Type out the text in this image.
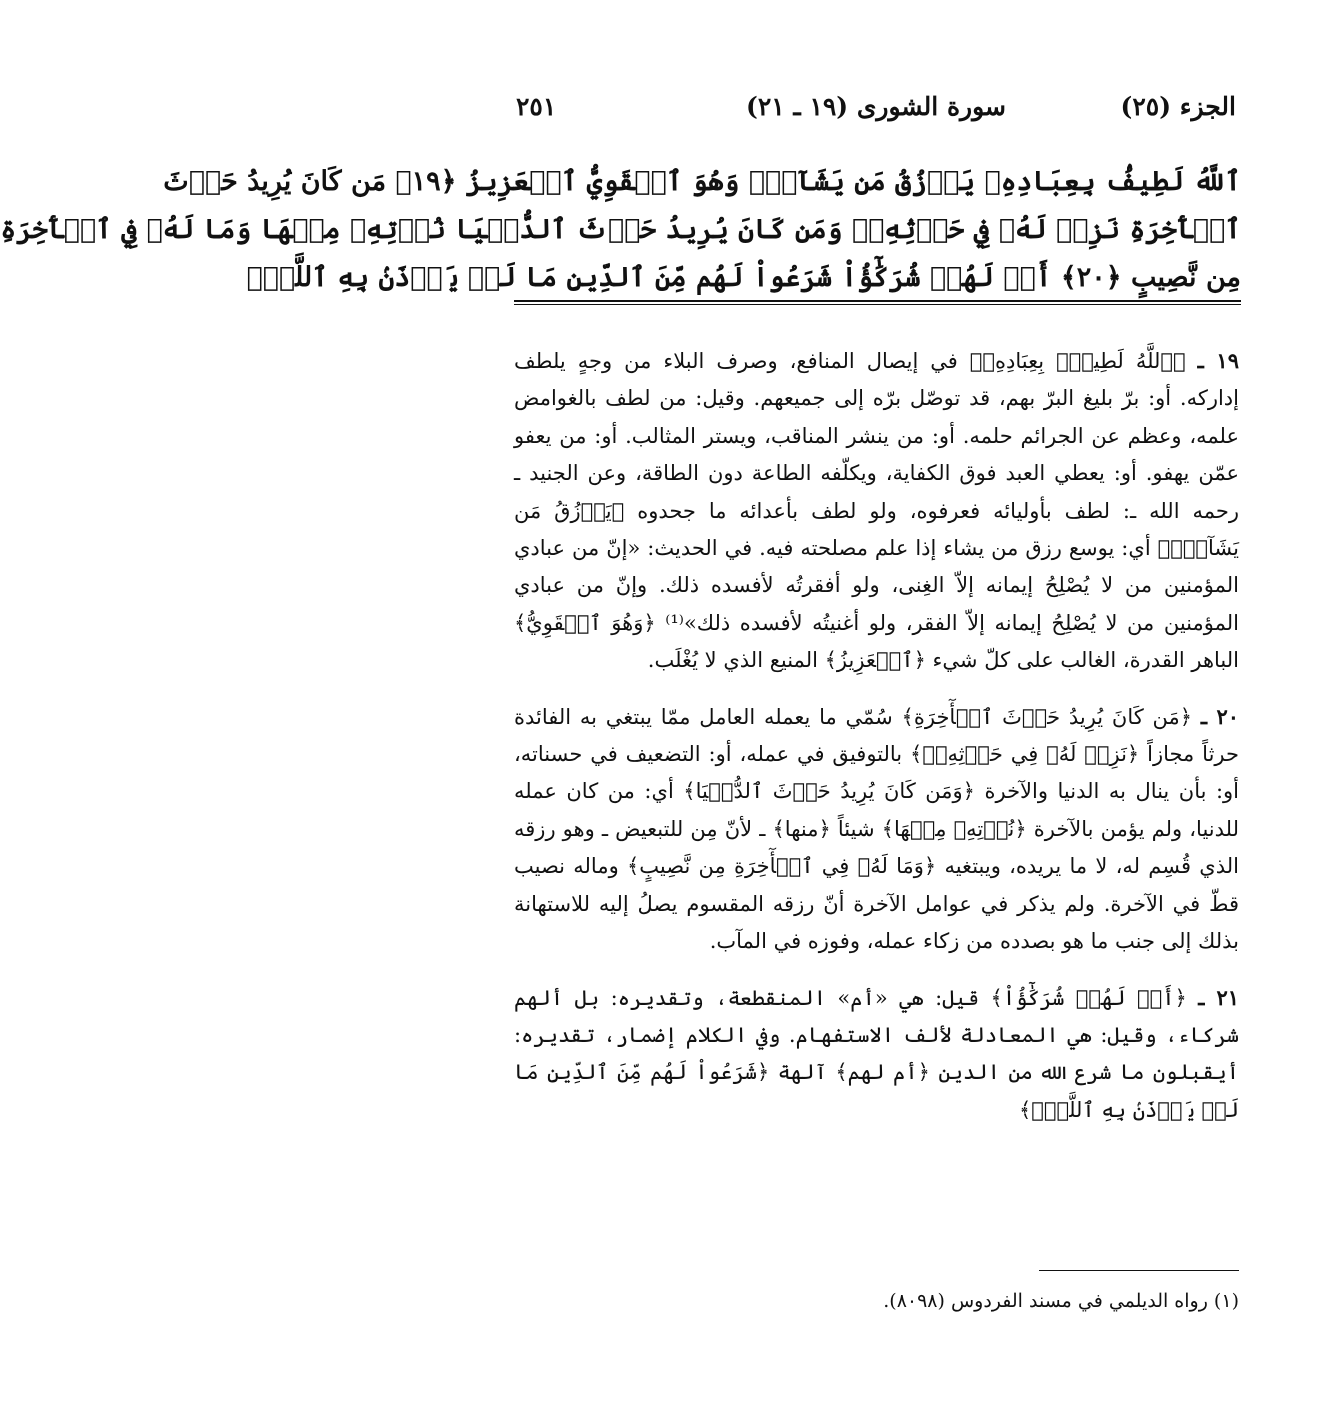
الجزء (٢٥)
سورة الشورى (١٩ ـ ٢١)
٢٥١
ٱللَّهُ لَطِيفُۢ بِعِبَادِهِۦ يَرۡزُقُ مَن يَشَآءُۖ وَهُوَ ٱلۡقَوِيُّ ٱلۡعَزِيزُ ﴿١٩﴾ مَن كَانَ يُرِيدُ حَرۡثَ
ٱلۡأٓخِرَةِ نَزِدۡ لَهُۥ فِي حَرۡثِهِۦۖ وَمَن كَانَ يُرِيدُ حَرۡثَ ٱلدُّنۡيَا نُؤۡتِهِۦ مِنۡهَا وَمَا لَهُۥ فِي ٱلۡأٓخِرَةِ
مِن نَّصِيبٍ ﴿٢٠﴾ أَمۡ لَهُمۡ شُرَكَٰٓؤُاْ شَرَعُواْ لَهُم مِّنَ ٱلدِّينِ مَا لَمۡ يَأۡذَنۢ بِهِ ٱللَّهُۚ

١٩ ـ ﴿ٱللَّهُ لَطِيفُۢ بِعِبَادِهِۦ﴾ في إيصال المنافع، وصرف البلاء من وجهٍ يلطف إداركه. أو: برّ بليغ البرّ بهم، قد توصّل برّه إلى جميعهم. وقيل: من لطف بالغوامض علمه، وعظم عن الجرائم حلمه. أو: من ينشر المناقب، ويستر المثالب. أو: من يعفو عمّن يهفو. أو: يعطي العبد فوق الكفاية، ويكلّفه الطاعة دون الطاقة، وعن الجنيد ـ رحمه الله ـ: لطف بأوليائه فعرفوه، ولو لطف بأعدائه ما جحدوه ﴿يَرۡزُقُ مَن يَشَآءُۖ﴾ أي: يوسع رزق من يشاء إذا علم مصلحته فيه. في الحديث: «إنّ من عبادي المؤمنين من لا يُصْلِحُ إيمانه إلاّ الغِنى، ولو أفقرتُه لأفسده ذلك. وإنّ من عبادي المؤمنين من لا يُصْلِحُ إيمانه إلاّ الفقر، ولو أغنيتُه لأفسده ذلك»⁽¹⁾ ﴿وَهُوَ ٱلۡقَوِيُّ﴾ الباهر القدرة، الغالب على كلّ شيء ﴿ٱلۡعَزِيزُ﴾ المنيع الذي لا يُغْلَب.

٢٠ ـ ﴿مَن كَانَ يُرِيدُ حَرۡثَ ٱلۡأٓخِرَةِ﴾ سُمّي ما يعمله العامل ممّا يبتغي به الفائدة حرثاً مجازاً ﴿نَزِدۡ لَهُۥ فِي حَرۡثِهِۦۖ﴾ بالتوفيق في عمله، أو: التضعيف في حسناته، أو: بأن ينال به الدنيا والآخرة ﴿وَمَن كَانَ يُرِيدُ حَرۡثَ ٱلدُّنۡيَا﴾ أي: من كان عمله للدنيا، ولم يؤمن بالآخرة ﴿نُؤۡتِهِۦ مِنۡهَا﴾ شيئاً ﴿منها﴾ ـ لأنّ مِن للتبعيض ـ وهو رزقه الذي قُسِم له، لا ما يريده، ويبتغيه ﴿وَمَا لَهُۥ فِي ٱلۡأٓخِرَةِ مِن نَّصِيبٍ﴾ وماله نصيب قطّ في الآخرة. ولم يذكر في عوامل الآخرة أنّ رزقه المقسوم يصلُ إليه للاستهانة بذلك إلى جنب ما هو بصدده من زكاء عمله، وفوزه في المآب.

٢١ ـ ﴿أَمۡ لَهُمۡ شُرَكَٰٓؤُاْ﴾ قيل: هي «أم» المنقطعة، وتقديره: بل ألهم شركاء، وقيل: هي المعادلة لألف الاستفهام. وفي الكلام إضمار، تقديره: أيقبلون ما شرع الله من الدين ﴿أم لهم﴾ آلهة ﴿شَرَعُواْ لَهُم مِّنَ ٱلدِّينِ مَا لَمۡ يَأۡذَنۢ بِهِ ٱللَّهُۚ﴾

(١) رواه الديلمي في مسند الفردوس (٨٠٩٨).
